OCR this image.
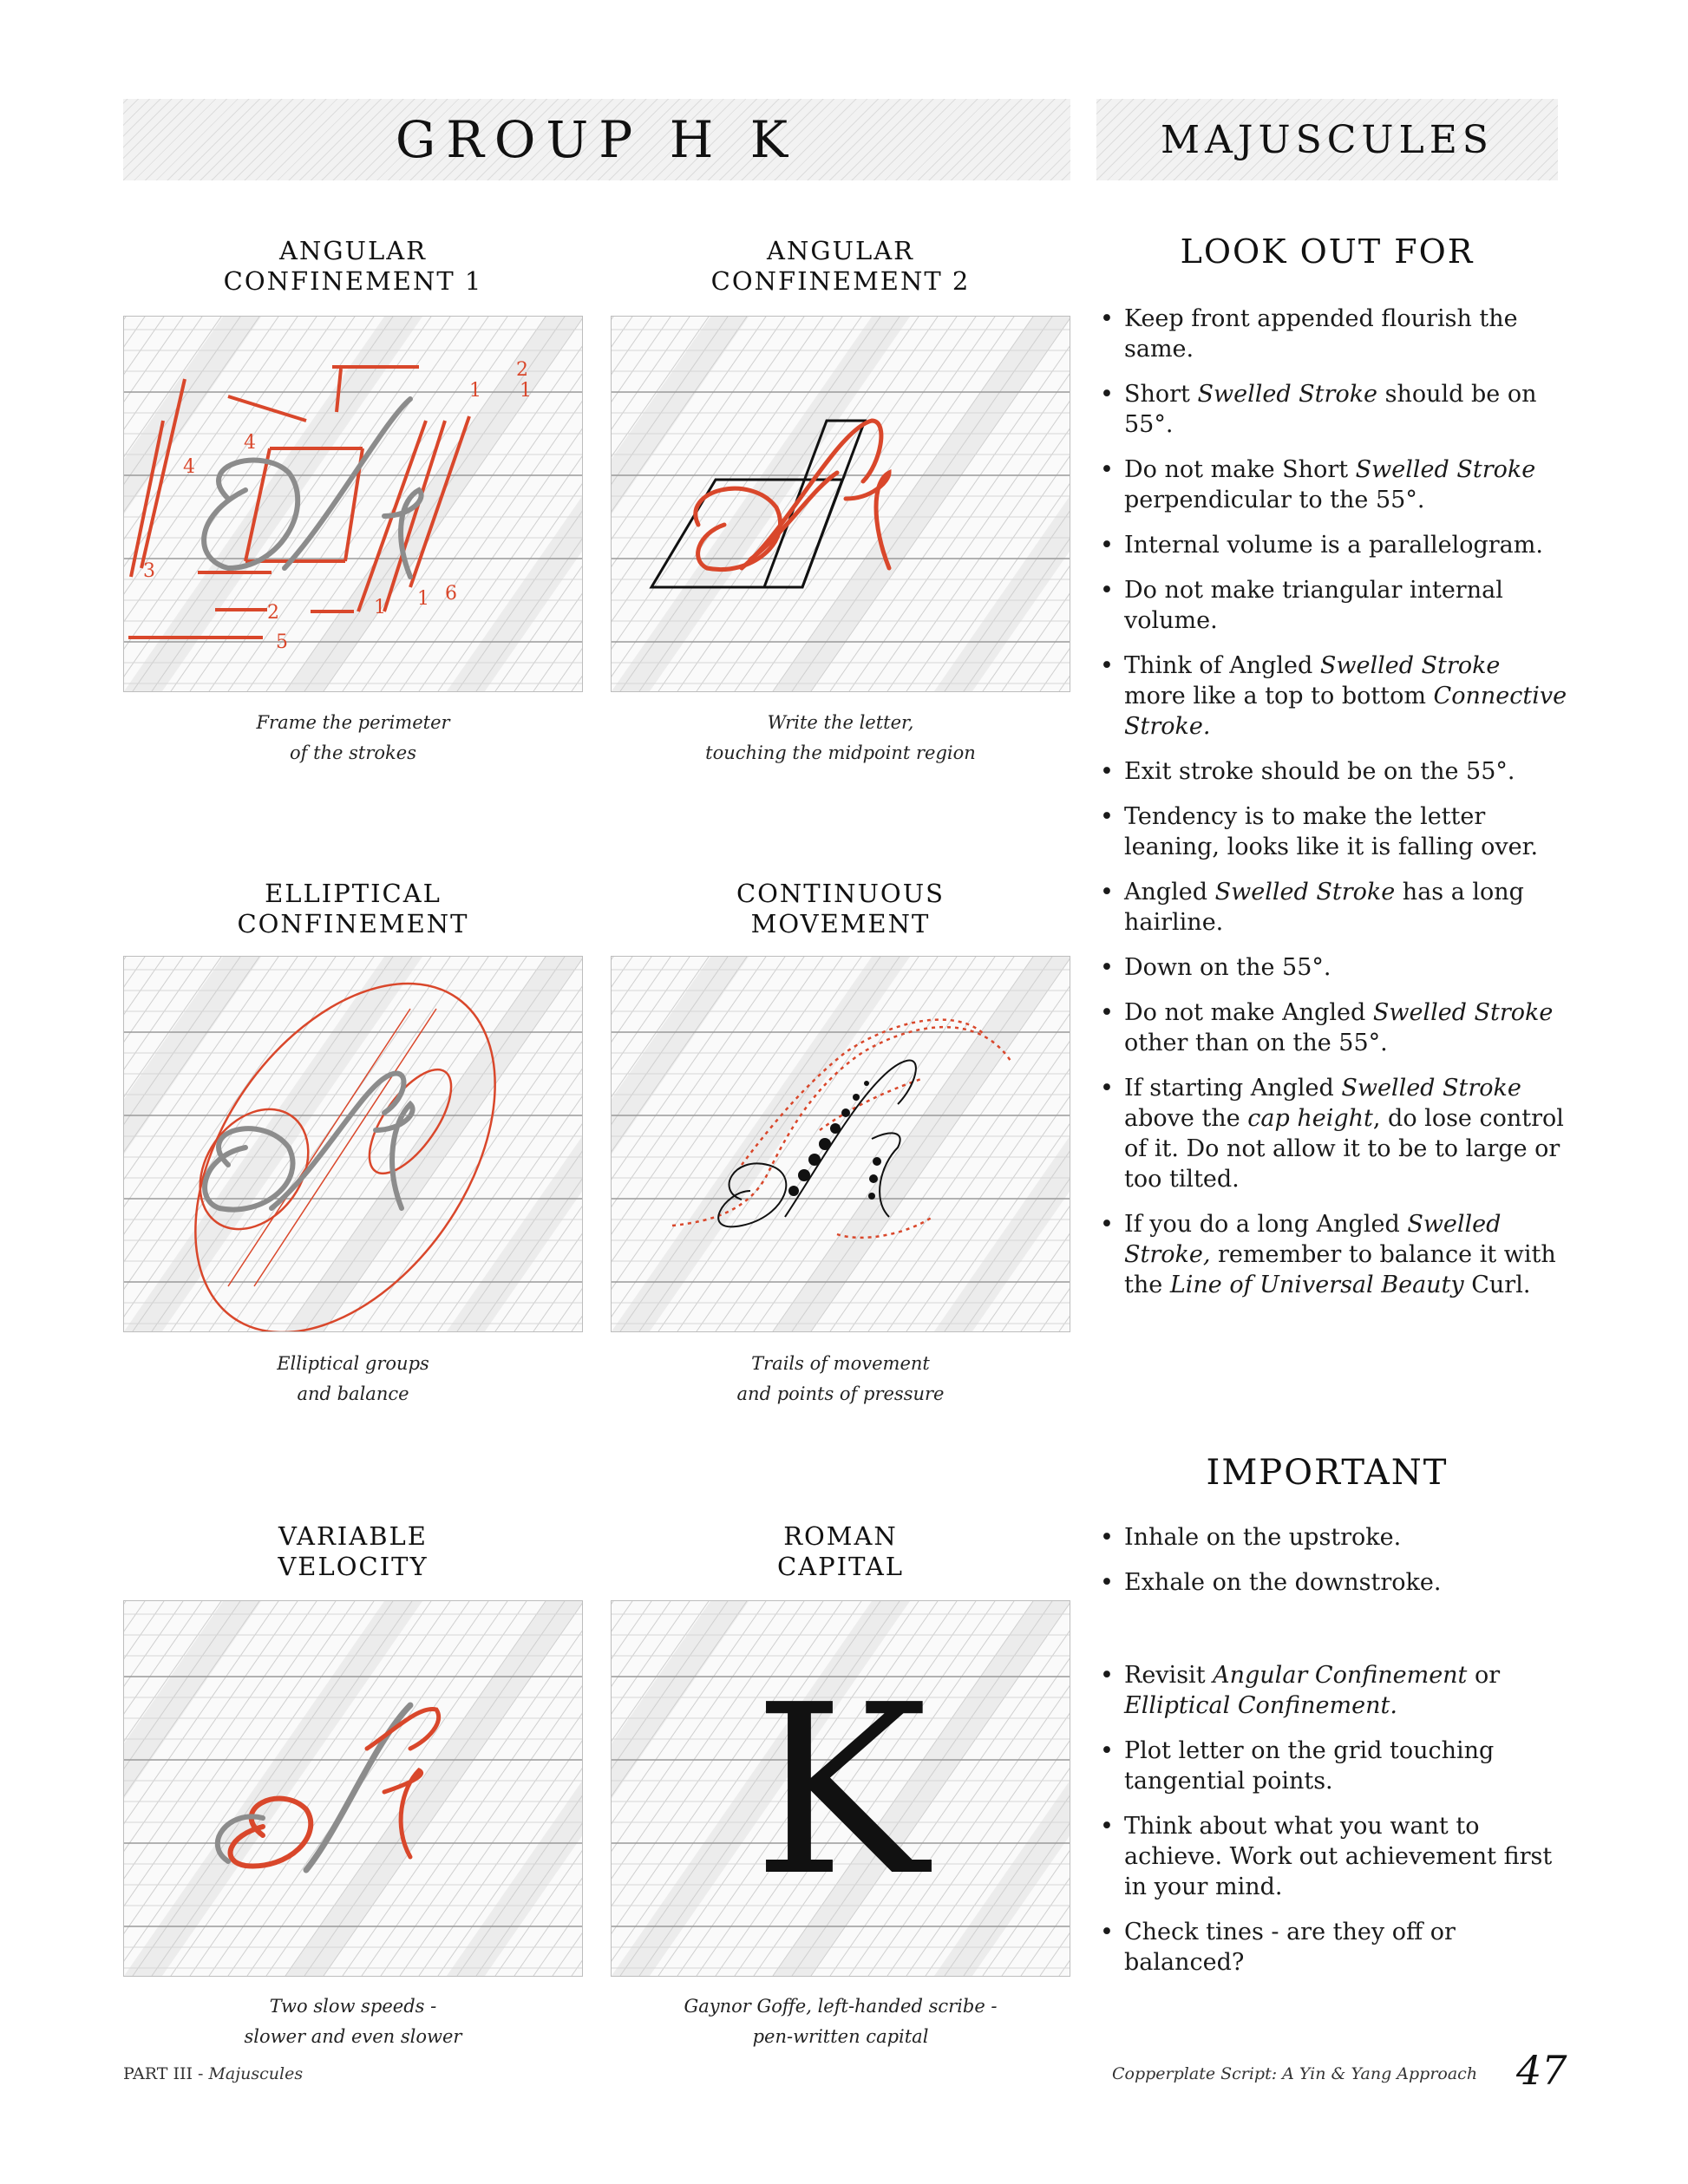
GROUP H K	MAJUSCULES
ANGULAR
CONFINEMENT 1
2
1 1
4
4
3
2
5
1 1 6
Frame the perimeter
of the strokes
ANGULAR
CONFINEMENT 2
Write the letter,
touching the midpoint region
ELLIPTICAL
CONFINEMENT
Elliptical groups
and balance
CONTINUOUS
MOVEMENT
Trails of movement
and points of pressure
VARIABLE
VELOCITY
Two slow speeds -
slower and even slower
ROMAN
CAPITAL
K
Gaynor Goffe, left-handed scribe -
pen-written capital
LOOK OUT FOR
• Keep front appended flourish the same.
• Short Swelled Stroke should be on 55°.
• Do not make Short Swelled Stroke perpendicular to the 55°.
• Internal volume is a parallelogram.
• Do not make triangular internal volume.
• Think of Angled Swelled Stroke more like a top to bottom Connective Stroke.
• Exit stroke should be on the 55°.
• Tendency is to make the letter leaning, looks like it is falling over.
• Angled Swelled Stroke has a long hairline.
• Down on the 55°.
• Do not make Angled Swelled Stroke other than on the 55°.
• If starting Angled Swelled Stroke above the cap height, do lose control of it. Do not allow it to be to large or too tilted.
• If you do a long Angled Swelled Stroke, remember to balance it with the Line of Universal Beauty Curl.
IMPORTANT
• Inhale on the upstroke.
• Exhale on the downstroke.
• Revisit Angular Confinement or Elliptical Confinement.
• Plot letter on the grid touching tangential points.
• Think about what you want to achieve. Work out achievement first in your mind.
• Check tines - are they off or balanced?
PART III - Majuscules	Copperplate Script: A Yin & Yang Approach 47
